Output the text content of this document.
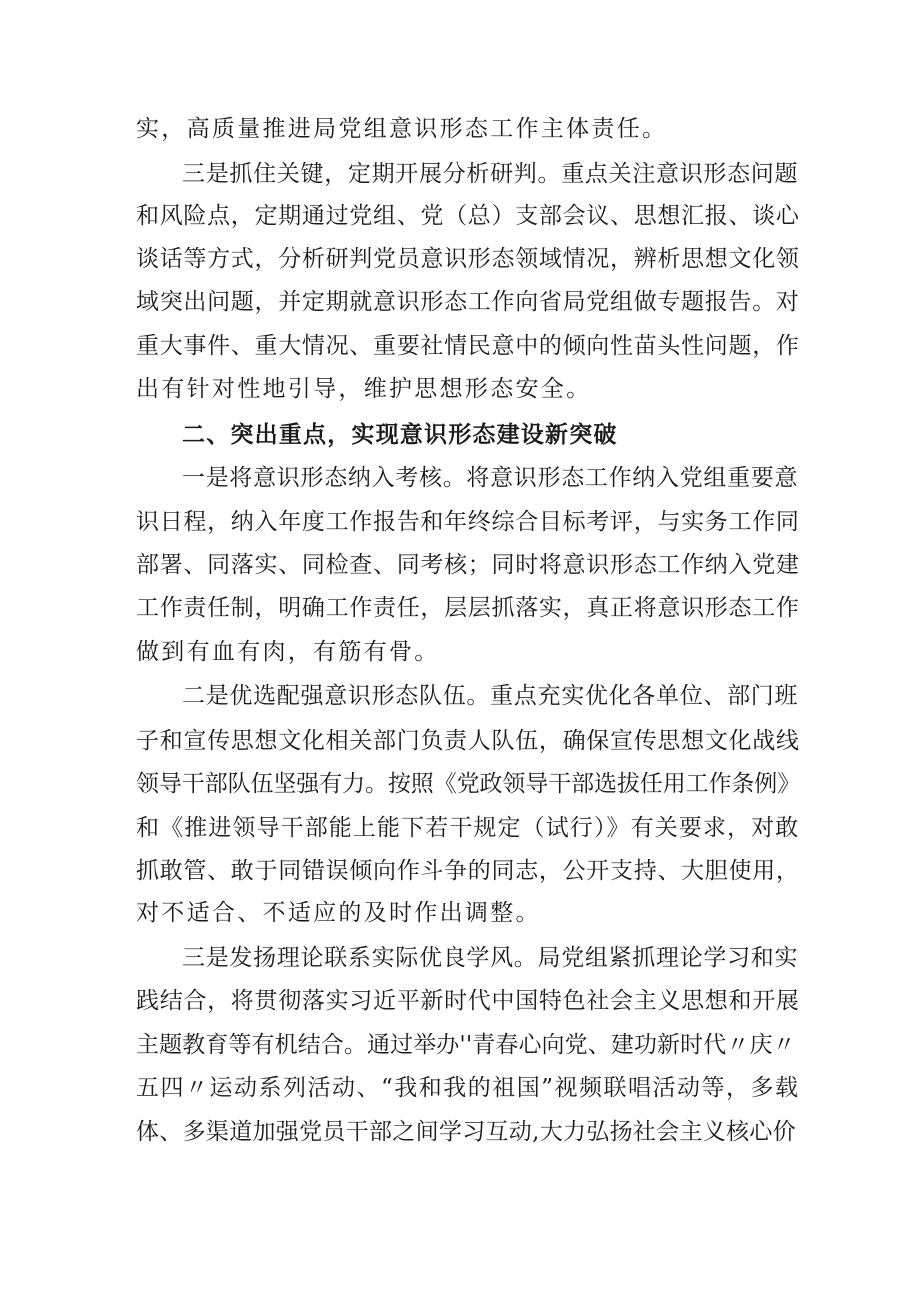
实，高质量推进局党组意识形态工作主体责任。
三是抓住关键，定期开展分析研判。重点关注意识形态问题
和风险点，定期通过党组、党（总）支部会议、思想汇报、谈心
谈话等方式，分析研判党员意识形态领域情况，辨析思想文化领
域突出问题，并定期就意识形态工作向省局党组做专题报告。对
重大事件、重大情况、重要社情民意中的倾向性苗头性问题，作
出有针对性地引导，维护思想形态安全。
二、突出重点，实现意识形态建设新突破
一是将意识形态纳入考核。将意识形态工作纳入党组重要意
识日程，纳入年度工作报告和年终综合目标考评，与实务工作同
部署、同落实、同检查、同考核；同时将意识形态工作纳入党建
工作责任制，明确工作责任，层层抓落实，真正将意识形态工作
做到有血有肉，有筋有骨。
二是优选配强意识形态队伍。重点充实优化各单位、部门班
子和宣传思想文化相关部门负责人队伍，确保宣传思想文化战线
领导干部队伍坚强有力。按照《党政领导干部选拔任用工作条例》
和《推进领导干部能上能下若干规定（试行）》有关要求，对敢
抓敢管、敢于同错误倾向作斗争的同志，公开支持、大胆使用，
对不适合、不适应的及时作出调整。
三是发扬理论联系实际优良学风。局党组紧抓理论学习和实
践结合，将贯彻落实习近平新时代中国特色社会主义思想和开展
主题教育等有机结合。通过举办''青春心向党、建功新时代〃庆〃
五四〃运动系列活动、“我和我的祖国”视频联唱活动等，多载
体、多渠道加强党员干部之间学习互动,大力弘扬社会主义核心价
